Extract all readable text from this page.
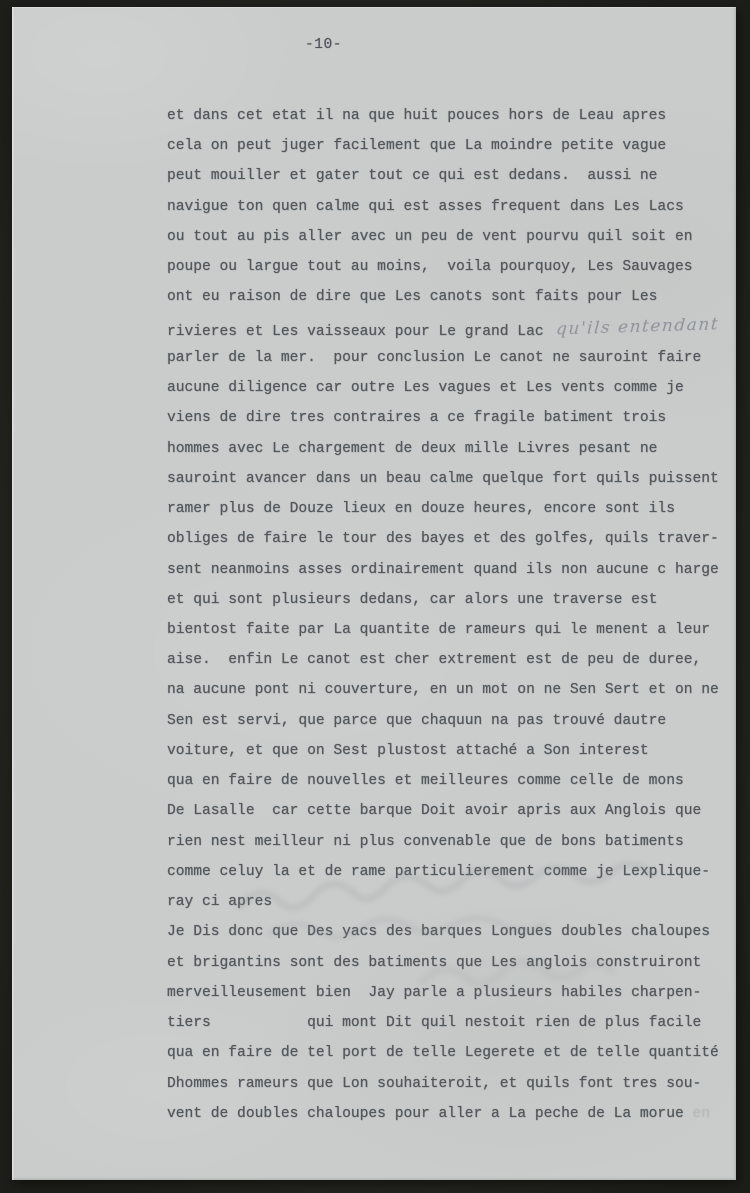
-10-
et dans cet etat il na que huit pouces hors de Leau apres
cela on peut juger facilement que La moindre petite vague
peut mouiller et gater tout ce qui est dedans.  aussi ne
navigue ton quen calme qui est asses frequent dans Les Lacs
ou tout au pis aller avec un peu de vent pourvu quil soit en
poupe ou largue tout au moins,  voila pourquoy, Les Sauvages
ont eu raison de dire que Les canots sont faits pour Les
rivieres et Les vaisseaux pour Le grand Lac qu'ils entendant
parler de la mer.  pour conclusion Le canot ne sauroint faire
aucune diligence car outre Les vagues et Les vents comme je
viens de dire tres contraires a ce fragile batiment trois
hommes avec Le chargement de deux mille Livres pesant ne
sauroint avancer dans un beau calme quelque fort quils puissent
ramer plus de Douze lieux en douze heures, encore sont ils
obliges de faire le tour des bayes et des golfes, quils traver-
sent neanmoins asses ordinairement quand ils non aucune c harge
et qui sont plusieurs dedans, car alors une traverse est
bientost faite par La quantite de rameurs qui le menent a leur
aise.  enfin Le canot est cher extrement est de peu de duree,
na aucune pont ni couverture, en un mot on ne Sen Sert et on ne
Sen est servi, que parce que chaquun na pas trouvé dautre
voiture, et que on Sest plustost attaché a Son interest
qua en faire de nouvelles et meilleures comme celle de mons
De Lasalle  car cette barque Doit avoir apris aux Anglois que
rien nest meilleur ni plus convenable que de bons batiments
comme celuy la et de rame particulierement comme je Lexplique-
ray ci apres
Je Dis donc que Des yacs des barques Longues doubles chaloupes
et brigantins sont des batiments que Les anglois construiront
merveilleusement bien  Jay parle a plusieurs habiles charpen-
tiers           qui mont Dit quil nestoit rien de plus facile
qua en faire de tel port de telle Legerete et de telle quantité
Dhommes rameurs que Lon souhaiteroit, et quils font tres sou-
vent de doubles chaloupes pour aller a La peche de La morue en
